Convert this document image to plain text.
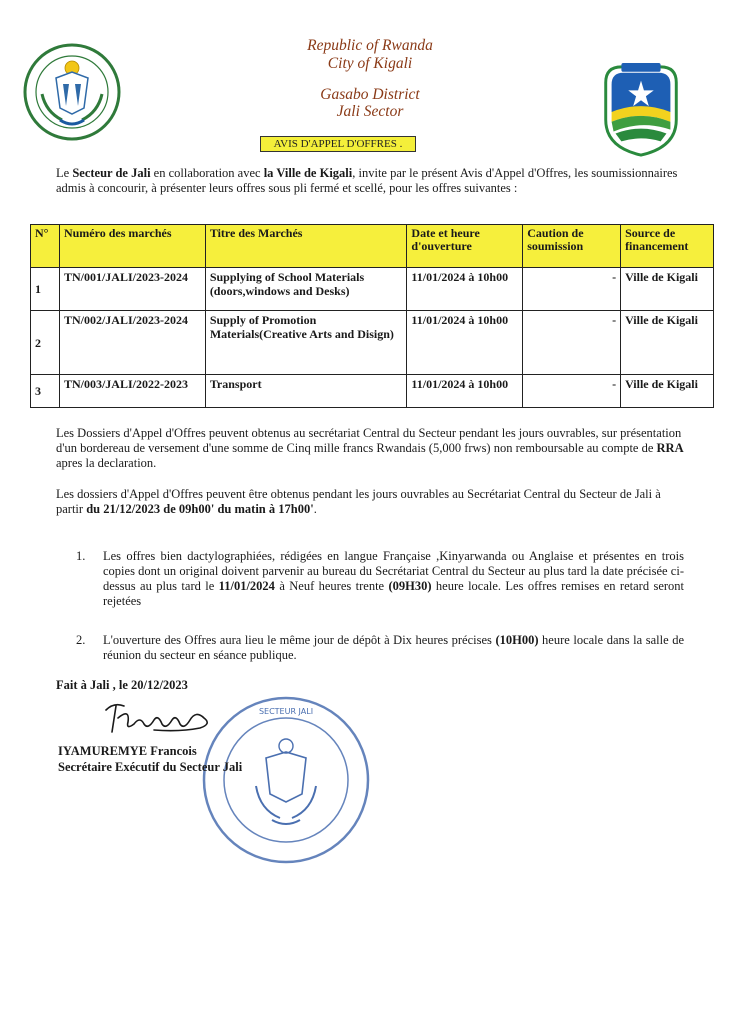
Republic of Rwanda
City of Kigali
Gasabo District
Jali Sector
AVIS D'APPEL D'OFFRES .
Le Secteur de Jali en collaboration avec la Ville de Kigali, invite par le présent Avis d'Appel d'Offres, les soumissionnaires admis à concourir, à présenter leurs offres sous pli fermé et scellé, pour les offres suivantes :
N°	Numéro des marchés	Titre des Marchés	Date et heure d'ouverture	Caution de soumission	Source de financement
1	TN/001/JALI/2023-2024	Supplying of School Materials (doors,windows and Desks)	11/01/2024 à 10h00	-	Ville de Kigali
2	TN/002/JALI/2023-2024	Supply of Promotion Materials(Creative Arts and Disign)	11/01/2024 à 10h00	-	Ville de Kigali
3	TN/003/JALI/2022-2023	Transport	11/01/2024 à 10h00	-	Ville de Kigali
Les Dossiers d'Appel d'Offres peuvent obtenus au secrétariat Central du Secteur pendant les jours ouvrables, sur présentation d'un bordereau de versement d'une somme de Cinq mille francs Rwandais (5,000 frws) non remboursable au compte de RRA apres la declaration.
Les dossiers d'Appel d'Offres peuvent être obtenus pendant les jours ouvrables au Secrétariat Central du Secteur de Jali à partir du 21/12/2023 de 09h00' du matin à 17h00'.
1. Les offres bien dactylographiées, rédigées en langue Française ,Kinyarwanda ou Anglaise et présentes en trois copies dont un original doivent parvenir au bureau du Secrétariat Central du Secteur au plus tard la date précisée ci-dessus au plus tard le 11/01/2024 à Neuf heures trente (09H30) heure locale. Les offres remises en retard seront rejetées
2. L'ouverture des Offres aura lieu le même jour de dépôt à Dix heures précises (10H00) heure locale dans la salle de réunion du secteur en séance publique.
Fait à Jali , le 20/12/2023
SECTEUR JALI
IYAMUREMYE Francois
Secrétaire Exécutif du Secteur Jali
